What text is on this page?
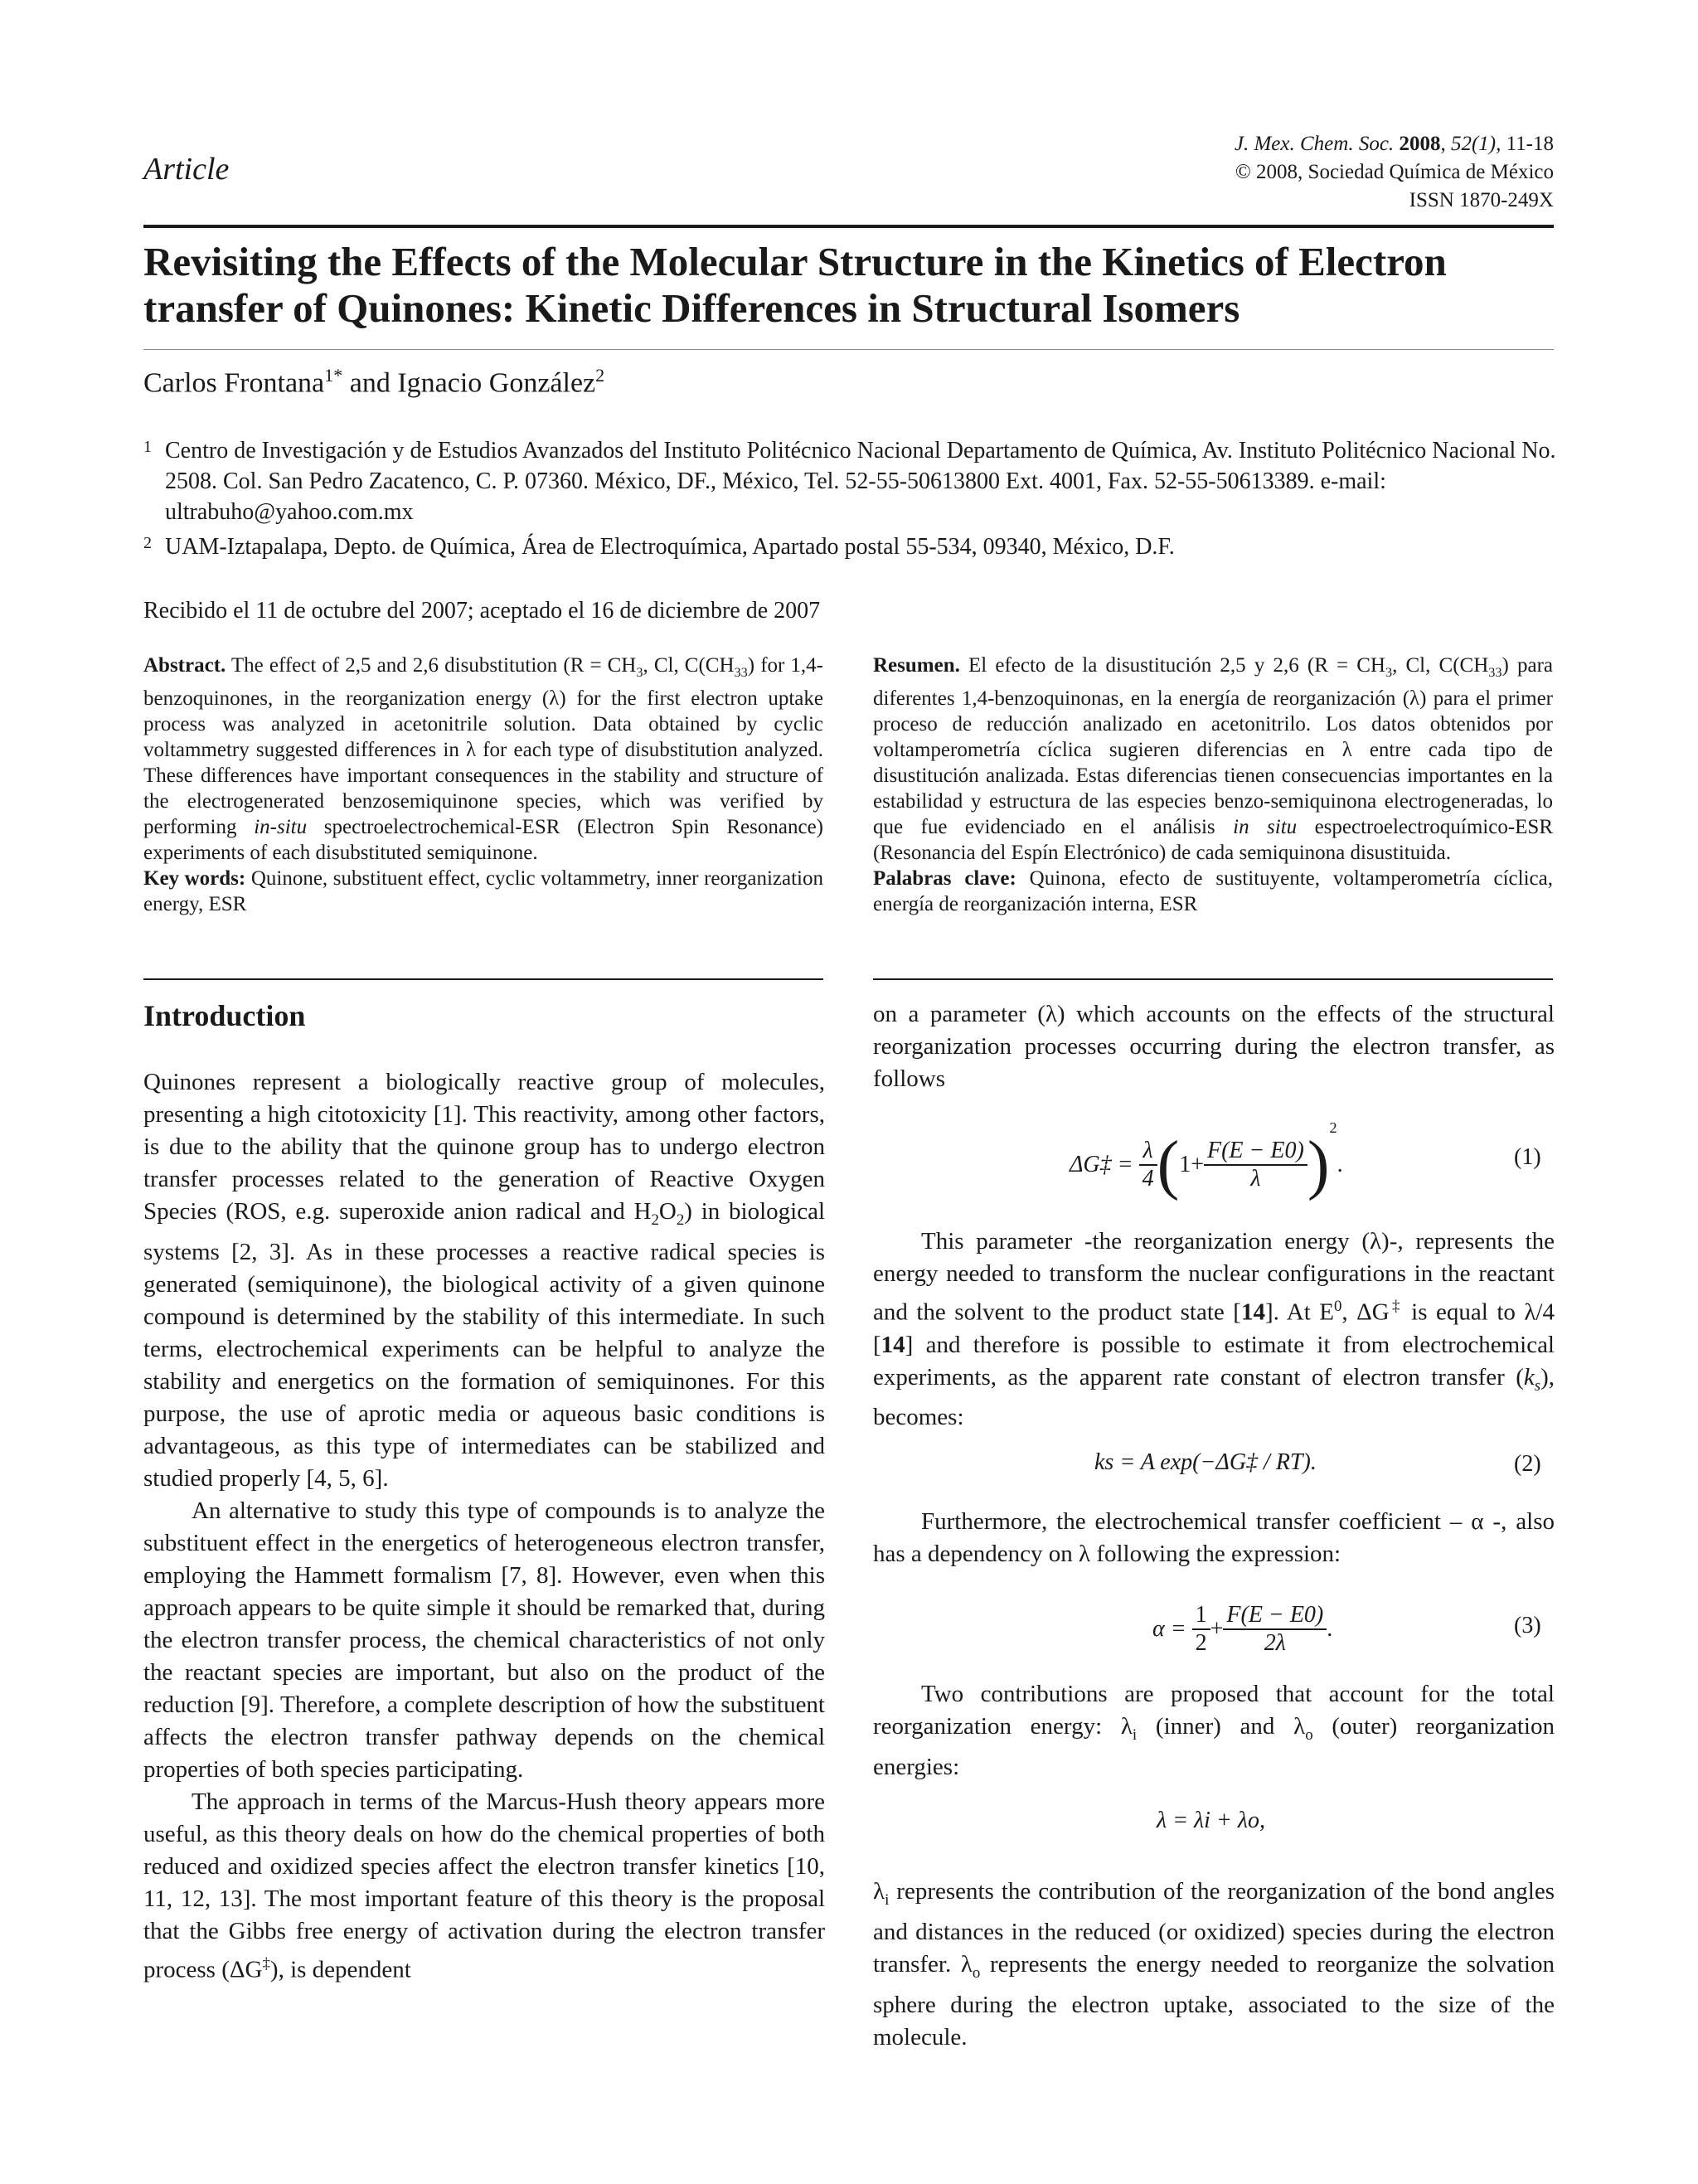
Article
J. Mex. Chem. Soc. 2008, 52(1), 11-18
© 2008, Sociedad Química de México
ISSN 1870-249X
Revisiting the Effects of the Molecular Structure in the Kinetics of Electron transfer of Quinones: Kinetic Differences in Structural Isomers
Carlos Frontana$^{1*}$ and Ignacio González$^2$
1 Centro de Investigación y de Estudios Avanzados del Instituto Politécnico Nacional Departamento de Química, Av. Instituto Politécnico Nacional No. 2508. Col. San Pedro Zacatenco, C. P. 07360. México, DF., México, Tel. 52-55-50613800 Ext. 4001, Fax. 52-55-50613389. e-mail: ultrabuho@yahoo.com.mx
2 UAM-Iztapalapa, Depto. de Química, Área de Electroquímica, Apartado postal 55-534, 09340, México, D.F.
Recibido el 11 de octubre del 2007; aceptado el 16 de diciembre de 2007
Abstract. The effect of 2,5 and 2,6 disubstitution ($R = CH_3$, Cl, $C(CH_{33})$ for 1,4-benzoquinones, in the reorganization energy (λ) for the first electron uptake process was analyzed in acetonitrile solution. Data obtained by cyclic voltammetry suggested differences in λ for each type of disubstitution analyzed. These differences have important consequences in the stability and structure of the electrogenerated benzosemiquinone species, which was verified by performing in-situ spectroelectrochemical-ESR (Electron Spin Resonance) experiments of each disubstituted semiquinone.
Key words: Quinone, substituent effect, cyclic voltammetry, inner reorganization energy, ESR
Resumen. El efecto de la disustitución 2,5 y 2,6 ($R = CH_3$, Cl, $C(CH_{33})$ para diferentes 1,4-benzoquinonas, en la energía de reorganización (λ) para el primer proceso de reducción analizado en acetonitrilo. Los datos obtenidos por voltamperometría cíclica sugieren diferencias en λ entre cada tipo de disustitución analizada. Estas diferencias tienen consecuencias importantes en la estabilidad y estructura de las especies benzo-semiquinona electrogeneradas, lo que fue evidenciado en el análisis in situ espectroelectroquímico-ESR (Resonancia del Espín Electrónico) de cada semiquinona disustituida.
Palabras clave: Quinona, efecto de sustituyente, voltamperometría cíclica, energía de reorganización interna, ESR
Introduction

Quinones represent a biologically reactive group of molecules, presenting a high citotoxicity [1]. This reactivity, among other factors, is due to the ability that the quinone group has to undergo electron transfer processes related to the generation of Reactive Oxygen Species (ROS, e.g. superoxide anion radical and $H_2O_2$) in biological systems [2, 3]. As in these processes a reactive radical species is generated (semiquinone), the biological activity of a given quinone compound is determined by the stability of this intermediate. In such terms, electrochemical experiments can be helpful to analyze the stability and energetics on the formation of semiquinones. For this purpose, the use of aprotic media or aqueous basic conditions is advantageous, as this type of intermediates can be stabilized and studied properly [4, 5, 6].

An alternative to study this type of compounds is to analyze the substituent effect in the energetics of heterogeneous electron transfer, employing the Hammett formalism [7, 8]. However, even when this approach appears to be quite simple it should be remarked that, during the electron transfer process, the chemical characteristics of not only the reactant species are important, but also on the product of the reduction [9]. Therefore, a complete description of how the substituent affects the electron transfer pathway depends on the chemical properties of both species participating.

The approach in terms of the Marcus-Hush theory appears more useful, as this theory deals on how do the chemical properties of both reduced and oxidized species affect the electron transfer kinetics [10, 11, 12, 13]. The most important feature of this theory is the proposal that the Gibbs free energy of activation during the electron transfer process (ΔG‡), is dependent

on a parameter (λ) which accounts on the effects of the structural reorganization processes occurring during the electron transfer, as follows
ΔG‡ =
$\frac{\lambda}{4}$ ( $1+ \frac{F(E - E0)}{\lambda}$ )
$^2$
.	(1)

This parameter -the reorganization energy (λ)-, represents the energy needed to transform the nuclear configurations in the reactant and the solvent to the product state [14]. At $E^0$, ΔG‡ is equal to λ/4 [14] and therefore is possible to estimate it from electrochemical experiments, as the apparent rate constant of electron transfer $(k_s)$, becomes:

ks = A exp(−ΔG‡ / RT).	(2)

Furthermore, the electrochemical transfer coefficient – α -, also has a dependency on λ following the expression:

α =
$\frac{1}{2} + \frac{F(E - E0)}{2\lambda}$ .	(3)

Two contributions are proposed that account for the total reorganization energy: $\lambda_i$ (inner) and $\lambda_o$ (outer) reorganization energies:

λ = λi + λo,

$\lambda_i$ represents the contribution of the reorganization of the bond angles and distances in the reduced (or oxidized) species during the electron transfer. $\lambda_o$ represents the energy needed to reorganize the solvation sphere during the electron uptake, associated to the size of the molecule.
